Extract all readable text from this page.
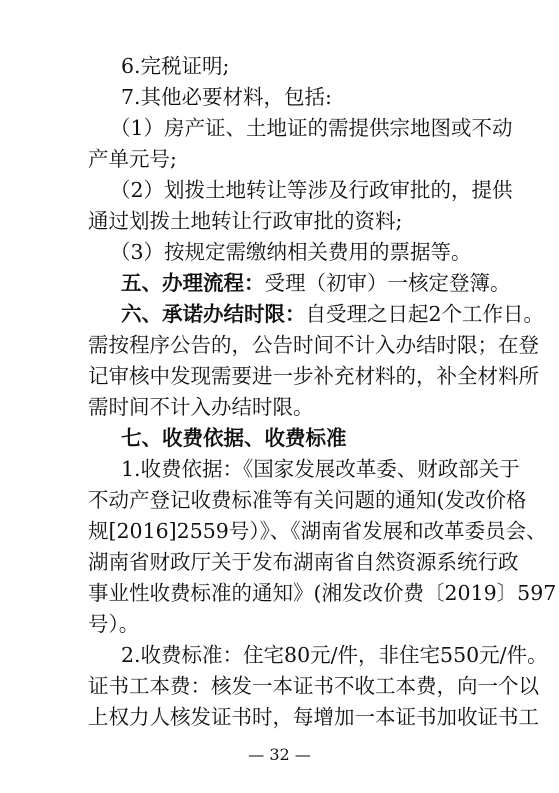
6.完税证明;
7.其他必要材料，包括:
（1）房产证、土地证的需提供宗地图或不动
产单元号;
（2）划拨土地转让等涉及行政审批的，提供
通过划拨土地转让行政审批的资料;
（3）按规定需缴纳相关费用的票据等。
五、办理流程：受理（初审）一核定登簿。
六、承诺办结时限：自受理之日起2个工作日。
需按程序公告的，公告时间不计入办结时限；在登
记审核中发现需要进一步补充材料的，补全材料所
需时间不计入办结时限。
七、收费依据、收费标准
1.收费依据：《国家发展改革委、财政部关于
不动产登记收费标准等有关问题的通知(发改价格
规[2016]2559号）》、《湖南省发展和改革委员会、
湖南省财政厅关于发布湖南省自然资源系统行政
事业性收费标准的通知》(湘发改价费〔2019〕597
号）。
2.收费标准：住宅80元/件，非住宅550元/件。
证书工本费：核发一本证书不收工本费，向一个以
上权力人核发证书时，每增加一本证书加收证书工
— 32 —
